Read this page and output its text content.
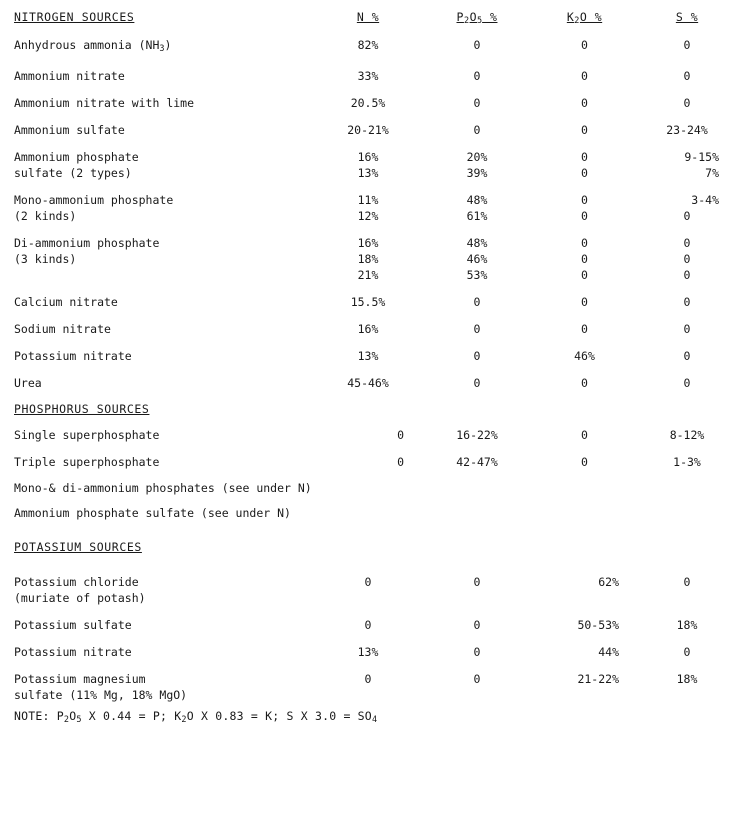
NITROGEN SOURCES	N %	$P_2O_5$ %	$K_2O$ %	S %
Anhydrous ammonia $(NH_3)$	82%	0	0	0

Ammonium nitrate	33%	0	0	0

Ammonium nitrate with lime	20.5%	0	0	0

Ammonium sulfate	20-21%	0	0	23-24%

Ammonium phosphate	16%	20%	0	9-15%
sulfate (2 types)	13%	39%	0	7%

Mono-ammonium phosphate	11%	48%	0	3-4%
(2 kinds)	12%	61%	0	0

Di-ammonium phosphate	16%	48%	0	0
(3 kinds)	18%	46%	0	0
	21%	53%	0	0

Calcium nitrate	15.5%	0	0	0

Sodium nitrate	16%	0	0	0

Potassium nitrate	13%	0	46%	0

Urea	45-46%	0	0	0

PHOSPHORUS SOURCES				

Single superphosphate	0	16-22%	0	8-12%

Triple superphosphate	0	42-47%	0	1-3%

Mono-& di-ammonium phosphates (see under N)				

Ammonium phosphate sulfate (see under N)				

POTASSIUM SOURCES				

Potassium chloride	0	0	62%	0
(muriate of potash)				

Potassium sulfate	0	0	50-53%	18%

Potassium nitrate	13%	0	44%	0

Potassium magnesium	0	0	21-22%	18%
sulfate (11% Mg, 18% MgO)				
NOTE: $P_2O_5$ X 0.44 = P; $K_2O$ X 0.83 = K; S X $3.0 = SO_4$
